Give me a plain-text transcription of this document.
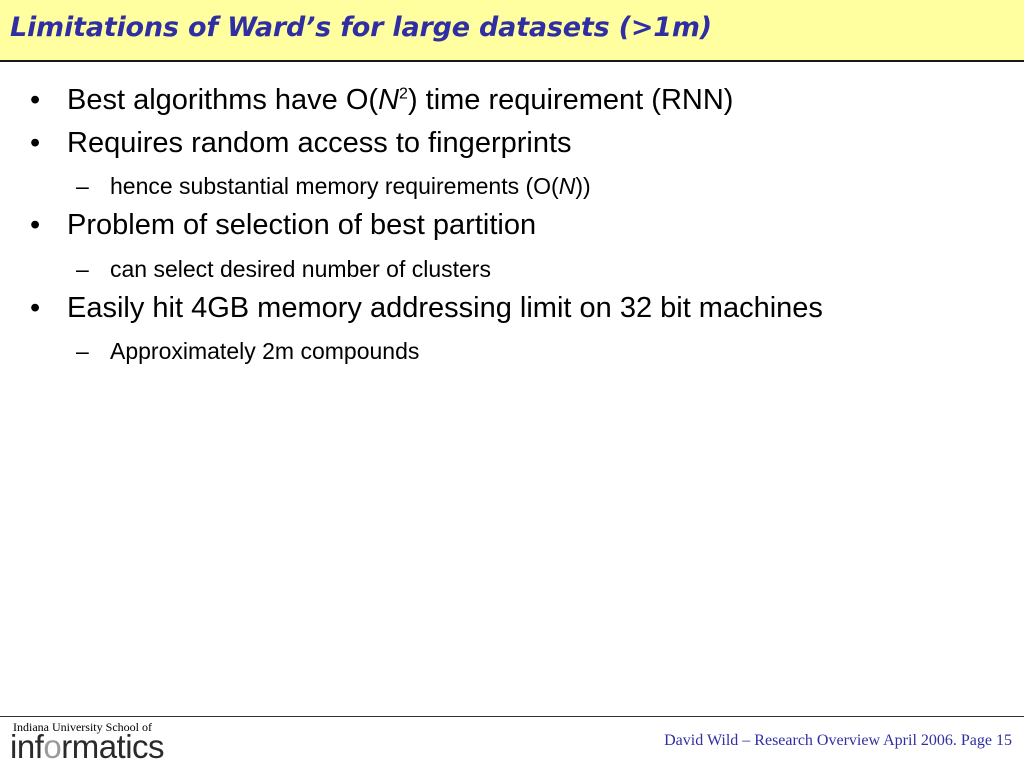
Limitations of Ward’s for large datasets (>1m)
• Best algorithms have $O(N^2)$ time requirement (RNN)
• Requires random access to fingerprints
– hence substantial memory requirements (O(N))
• Problem of selection of best partition
– can select desired number of clusters
• Easily hit 4GB memory addressing limit on 32 bit machines
– Approximately 2m compounds
Indiana University School of
informatics	David Wild – Research Overview April 2006. Page 15
